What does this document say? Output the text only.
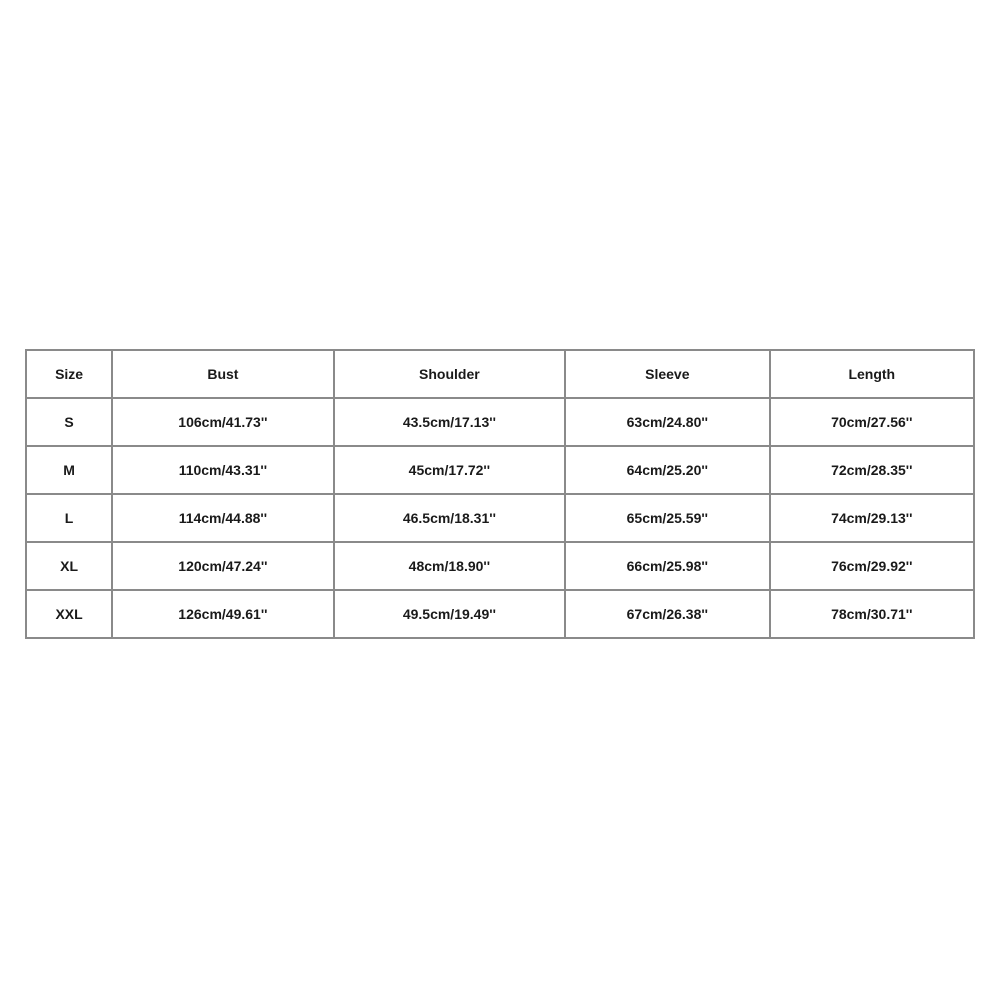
Size	Bust	Shoulder	Sleeve	Length
S	106cm/41.73''	43.5cm/17.13''	63cm/24.80''	70cm/27.56''
M	110cm/43.31''	45cm/17.72''	64cm/25.20''	72cm/28.35''
L	114cm/44.88''	46.5cm/18.31''	65cm/25.59''	74cm/29.13''
XL	120cm/47.24''	48cm/18.90''	66cm/25.98''	76cm/29.92''
XXL	126cm/49.61''	49.5cm/19.49''	67cm/26.38''	78cm/30.71''
